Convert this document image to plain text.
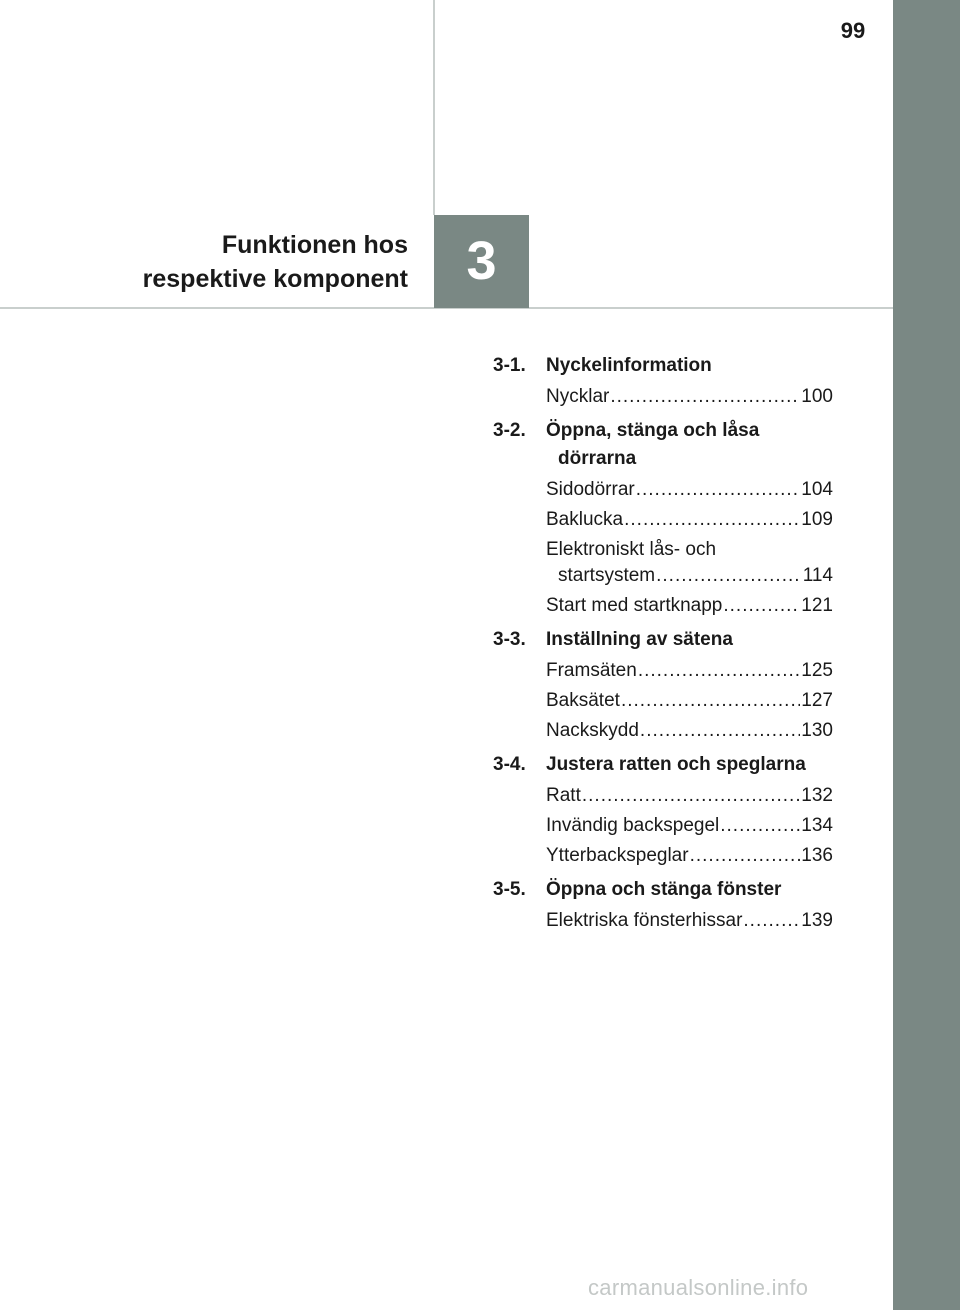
99
Funktionen hos
respektive komponent	3
3-1.	Nyckelinformation
Nycklar .....	100
3-2.	Öppna, stänga och låsa
dörrarna
Sidodörrar .....	104
Baklucka .....	109
Elektroniskt lås- och
startsystem .....	114
Start med startknapp .....	121
3-3.	Inställning av sätena
Framsäten .....	125
Baksätet .....	127
Nackskydd .....	130
3-4.	Justera ratten och speglarna
Ratt .....	132
Invändig backspegel .....	134
Ytterbackspeglar .....	136
3-5.	Öppna och stänga fönster
Elektriska fönsterhissar .....	139
carmanualsonline.info
